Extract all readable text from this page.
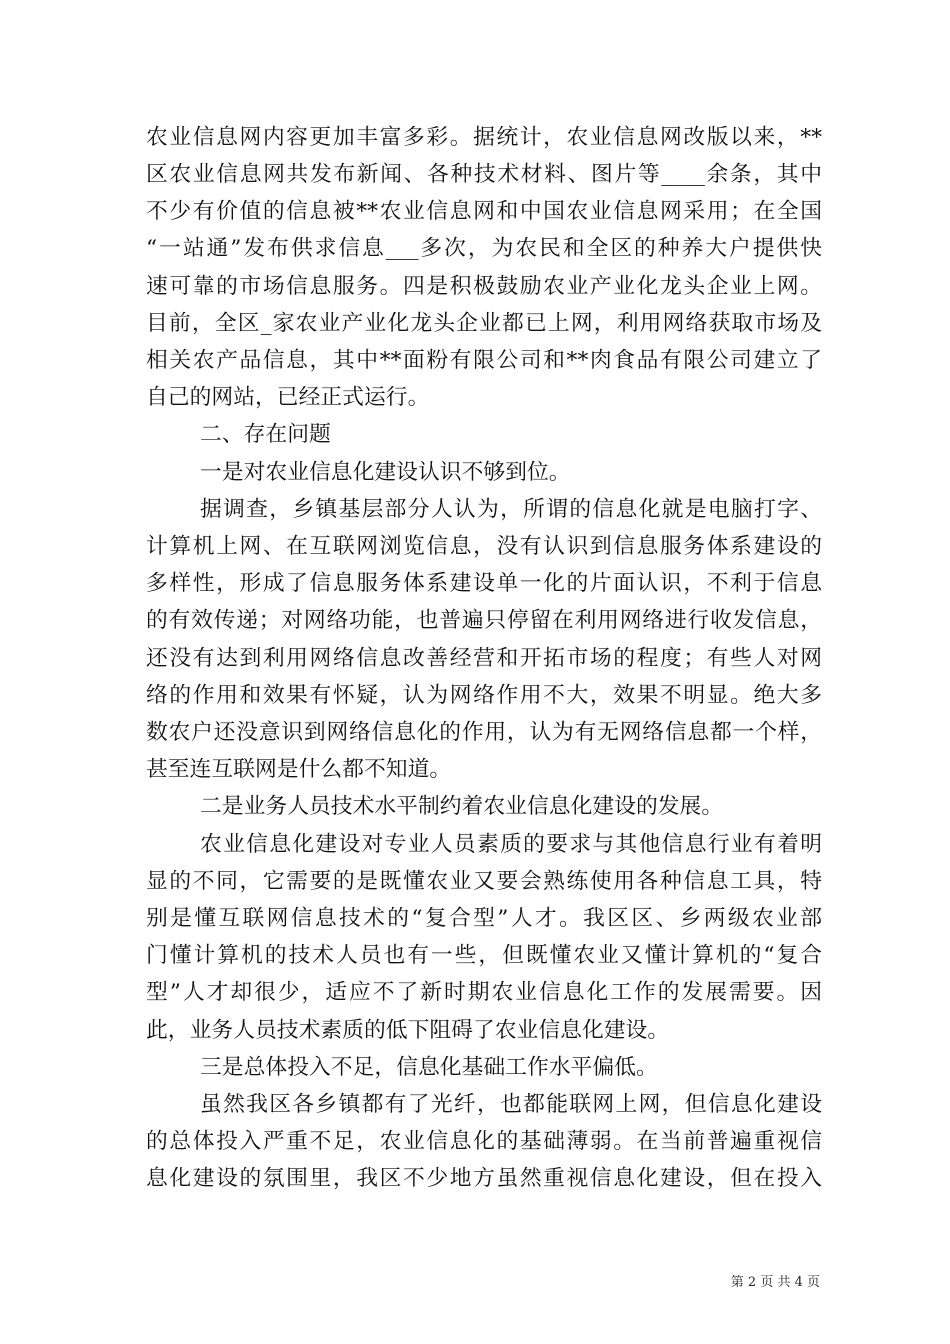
农业信息网内容更加丰富多彩。据统计，农业信息网改版以来，**
区农业信息网共发布新闻、各种技术材料、图片等____余条，其中
不少有价值的信息被**农业信息网和中国农业信息网采用；在全国
“一站通”发布供求信息___多次，为农民和全区的种养大户提供快
速可靠的市场信息服务。四是积极鼓励农业产业化龙头企业上网。
目前，全区_家农业产业化龙头企业都已上网，利用网络获取市场及
相关农产品信息，其中**面粉有限公司和**肉食品有限公司建立了
自己的网站，已经正式运行。
二、存在问题
一是对农业信息化建设认识不够到位。
据调查，乡镇基层部分人认为，所谓的信息化就是电脑打字、
计算机上网、在互联网浏览信息，没有认识到信息服务体系建设的
多样性，形成了信息服务体系建设单一化的片面认识，不利于信息
的有效传递；对网络功能，也普遍只停留在利用网络进行收发信息，
还没有达到利用网络信息改善经营和开拓市场的程度；有些人对网
络的作用和效果有怀疑，认为网络作用不大，效果不明显。绝大多
数农户还没意识到网络信息化的作用，认为有无网络信息都一个样，
甚至连互联网是什么都不知道。
二是业务人员技术水平制约着农业信息化建设的发展。
农业信息化建设对专业人员素质的要求与其他信息行业有着明
显的不同，它需要的是既懂农业又要会熟练使用各种信息工具，特
别是懂互联网信息技术的“复合型”人才。我区区、乡两级农业部
门懂计算机的技术人员也有一些，但既懂农业又懂计算机的“复合
型”人才却很少，适应不了新时期农业信息化工作的发展需要。因
此，业务人员技术素质的低下阻碍了农业信息化建设。
三是总体投入不足，信息化基础工作水平偏低。
虽然我区各乡镇都有了光纤，也都能联网上网，但信息化建设
的总体投入严重不足，农业信息化的基础薄弱。在当前普遍重视信
息化建设的氛围里，我区不少地方虽然重视信息化建设，但在投入
第 2 页 共 4 页
